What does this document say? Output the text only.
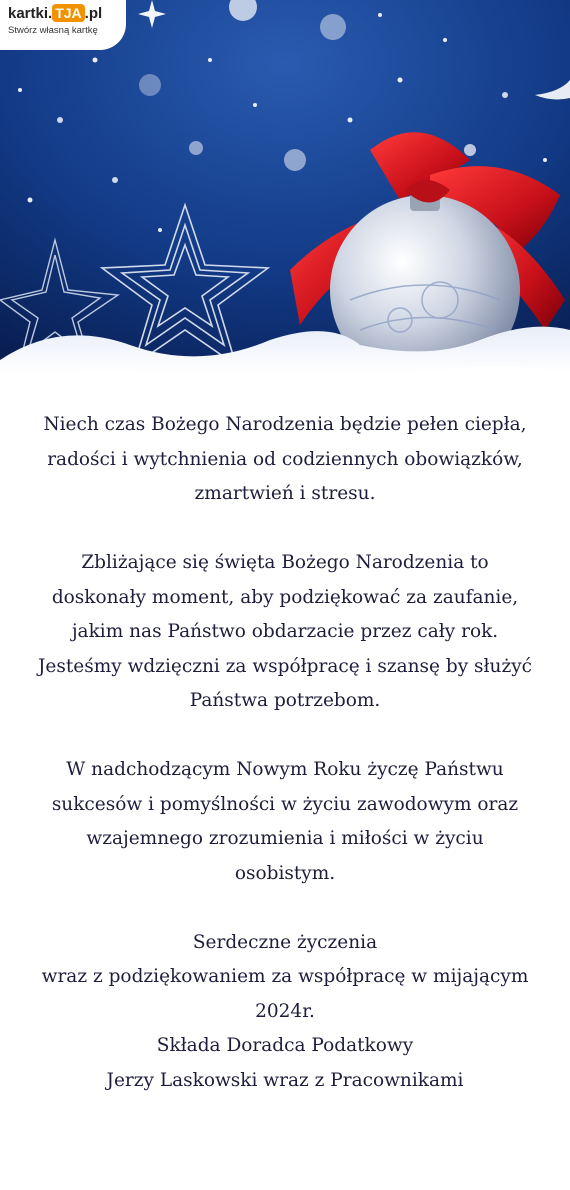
kartki. TJA .pl
Stwórz własną kartkę
Niech czas Bożego Narodzenia będzie pełen ciepła,
radości i wytchnienia od codziennych obowiązków,
zmartwień i stresu.
Zbliżające się święta Bożego Narodzenia to
doskonały moment, aby podziękować za zaufanie,
jakim nas Państwo obdarzacie przez cały rok.
Jesteśmy wdzięczni za współpracę i szansę by służyć
Państwa potrzebom.
W nadchodzącym Nowym Roku życzę Państwu
sukcesów i pomyślności w życiu zawodowym oraz
wzajemnego zrozumienia i miłości w życiu
osobistym.
Serdeczne życzenia
wraz z podziękowaniem za współpracę w mijającym
2024r.
Składa Doradca Podatkowy
Jerzy Laskowski wraz z Pracownikami
